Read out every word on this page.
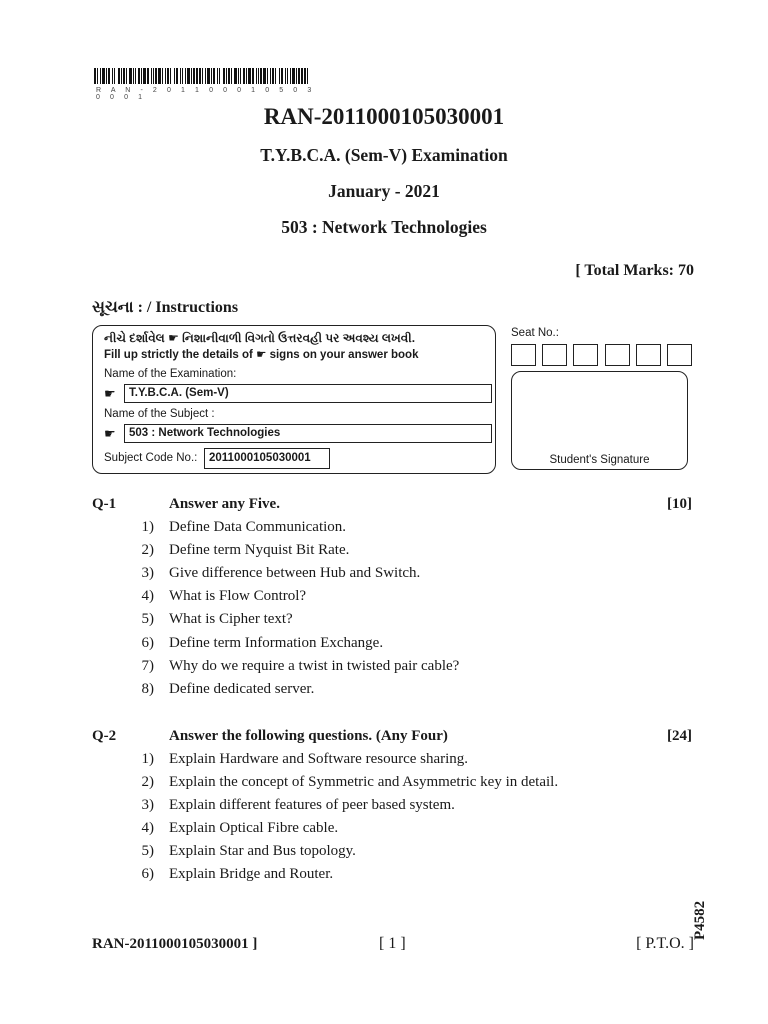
R A N - 2 0 1 1 0 0 0 1 0 5 0 3 0 0 0 1
RAN-2011000105030001
T.Y.B.C.A. (Sem-V) Examination
January - 2021
503 : Network Technologies
[ Total Marks: 70
સૂચના : / Instructions
નીચે દર્શાવેલ ☛ નિશાનીવાળી વિગતો ઉત્તરવહી પર અવશ્ય લખવી.
Fill up strictly the details of ☛ signs on your answer book
Name of the Examination:
☛	T.Y.B.C.A. (Sem-V)
Name of the Subject :
☛	503 : Network Technologies
Subject Code No.:	2011000105030001
Seat No.:
Student's Signature
Q-1	Answer any Five.	[10]
1) Define Data Communication.
2) Define term Nyquist Bit Rate.
3) Give difference between Hub and Switch.
4) What is Flow Control?
5) What is Cipher text?
6) Define term Information Exchange.
7) Why do we require a twist in twisted pair cable?
8) Define dedicated server.
Q-2	Answer the following questions. (Any Four)	[24]
1) Explain Hardware and Software resource sharing.
2) Explain the concept of Symmetric and Asymmetric key in detail.
3) Explain different features of peer based system.
4) Explain Optical Fibre cable.
5) Explain Star and Bus topology.
6) Explain Bridge and Router.
RAN-2011000105030001 ]	[ 1 ]	[ P.T.O. ]
P4582
